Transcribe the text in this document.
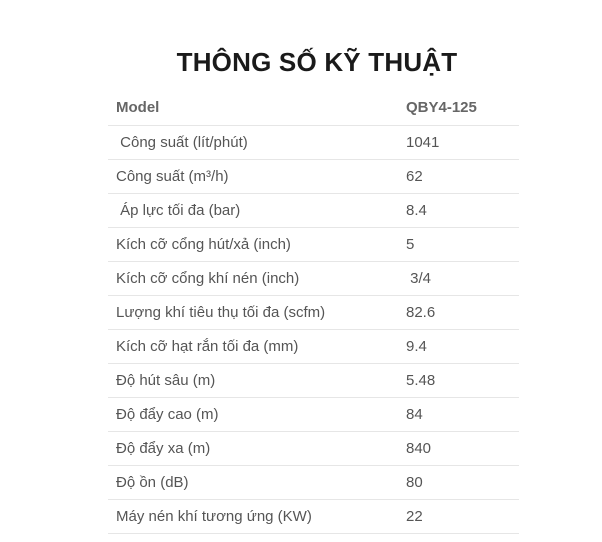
THÔNG SỐ KỸ THUẬT
Model	QBY4-125
Công suất (lít/phút)	1041
Công suất (m³/h)	62
Áp lực tối đa (bar)	8.4
Kích cỡ cổng hút/xả (inch)	5
Kích cỡ cổng khí nén (inch)	3/4
Lượng khí tiêu thụ tối đa (scfm)	82.6
Kích cỡ hạt rắn tối đa (mm)	9.4
Độ hút sâu (m)	5.48
Độ đẩy cao (m)	84
Độ đẩy xa (m)	840
Độ ồn (dB)	80
Máy nén khí tương ứng (KW)	22
